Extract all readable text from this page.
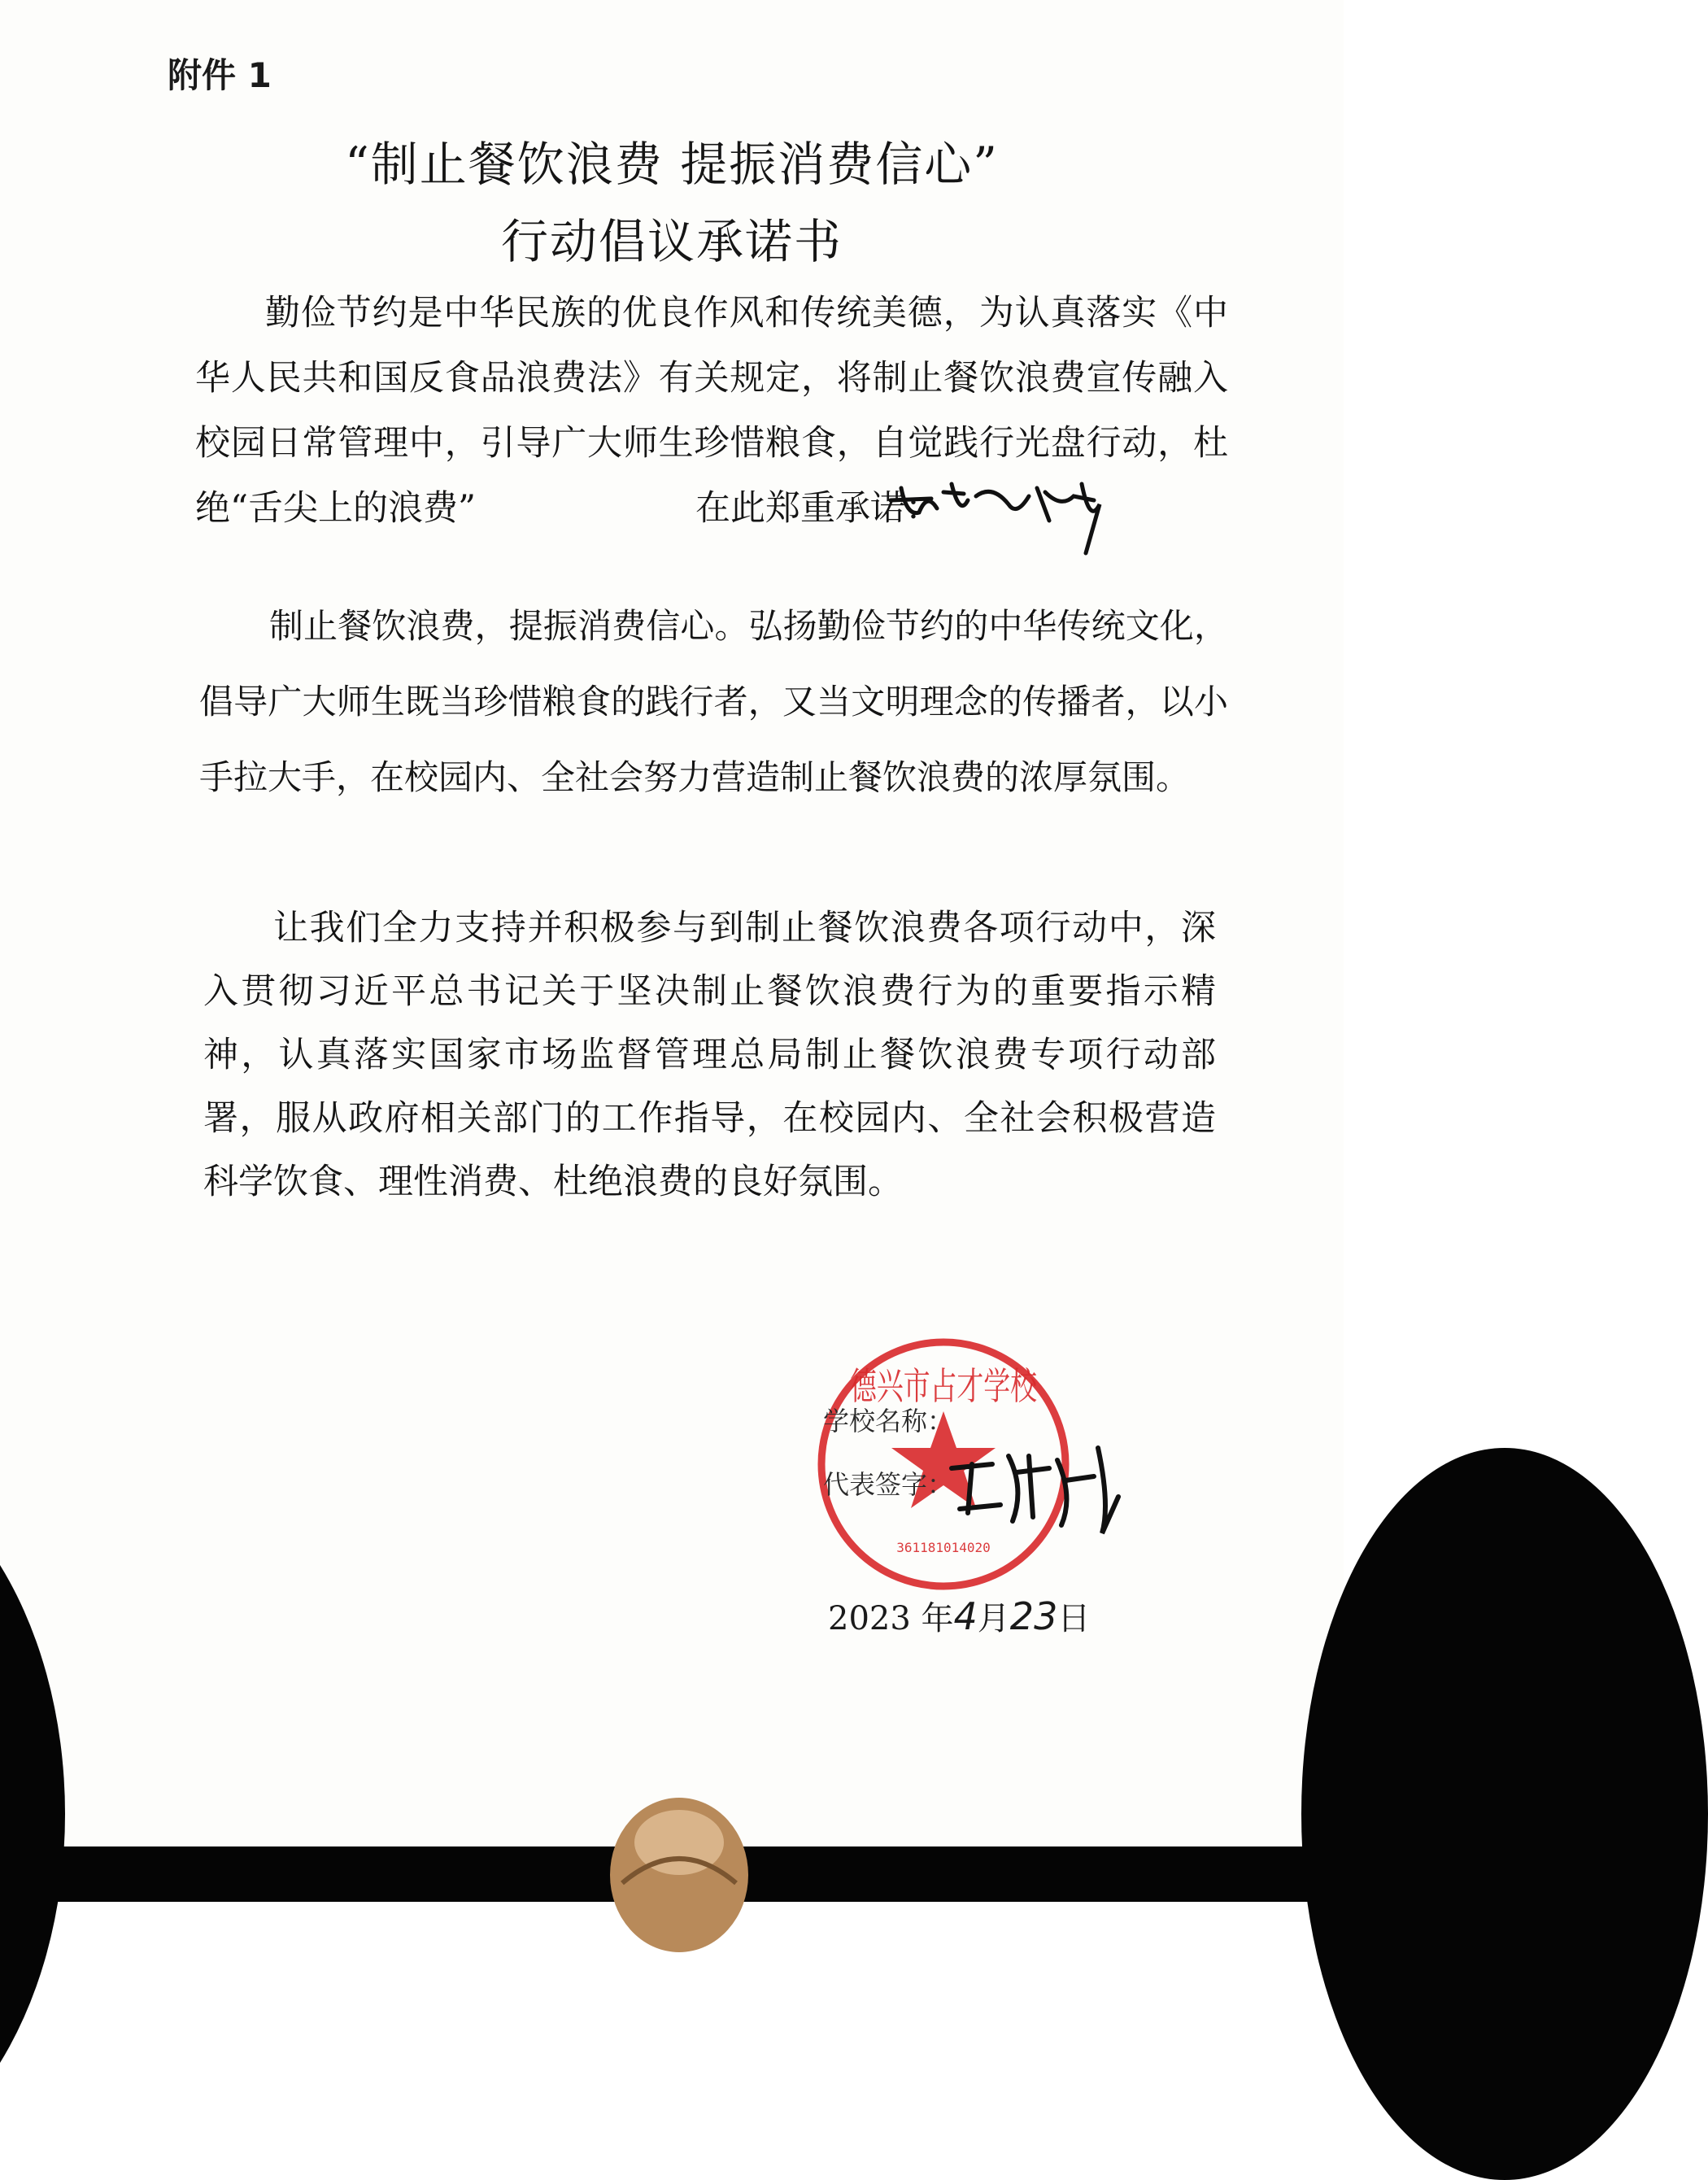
附件 1
“制止餐饮浪费 提振消费信心”
行动倡议承诺书
勤俭节约是中华民族的优良作风和传统美德，为认真落实《中华人民共和国反食品浪费法》有关规定，将制止餐饮浪费宣传融入校园日常管理中，引导广大师生珍惜粮食，自觉践行光盘行动，杜绝“舌尖上的浪费”	在此郑重承诺：
制止餐饮浪费，提振消费信心。弘扬勤俭节约的中华传统文化，倡导广大师生既当珍惜粮食的践行者，又当文明理念的传播者，以小手拉大手，在校园内、全社会努力营造制止餐饮浪费的浓厚氛围。
让我们全力支持并积极参与到制止餐饮浪费各项行动中，深入贯彻习近平总书记关于坚决制止餐饮浪费行为的重要指示精神，认真落实国家市场监督管理总局制止餐饮浪费专项行动部署，服从政府相关部门的工作指导，在校园内、全社会积极营造科学饮食、理性消费、杜绝浪费的良好氛围。
德兴市占才学校
361181014020
学校名称：
代表签字：
2023 年4月23日
